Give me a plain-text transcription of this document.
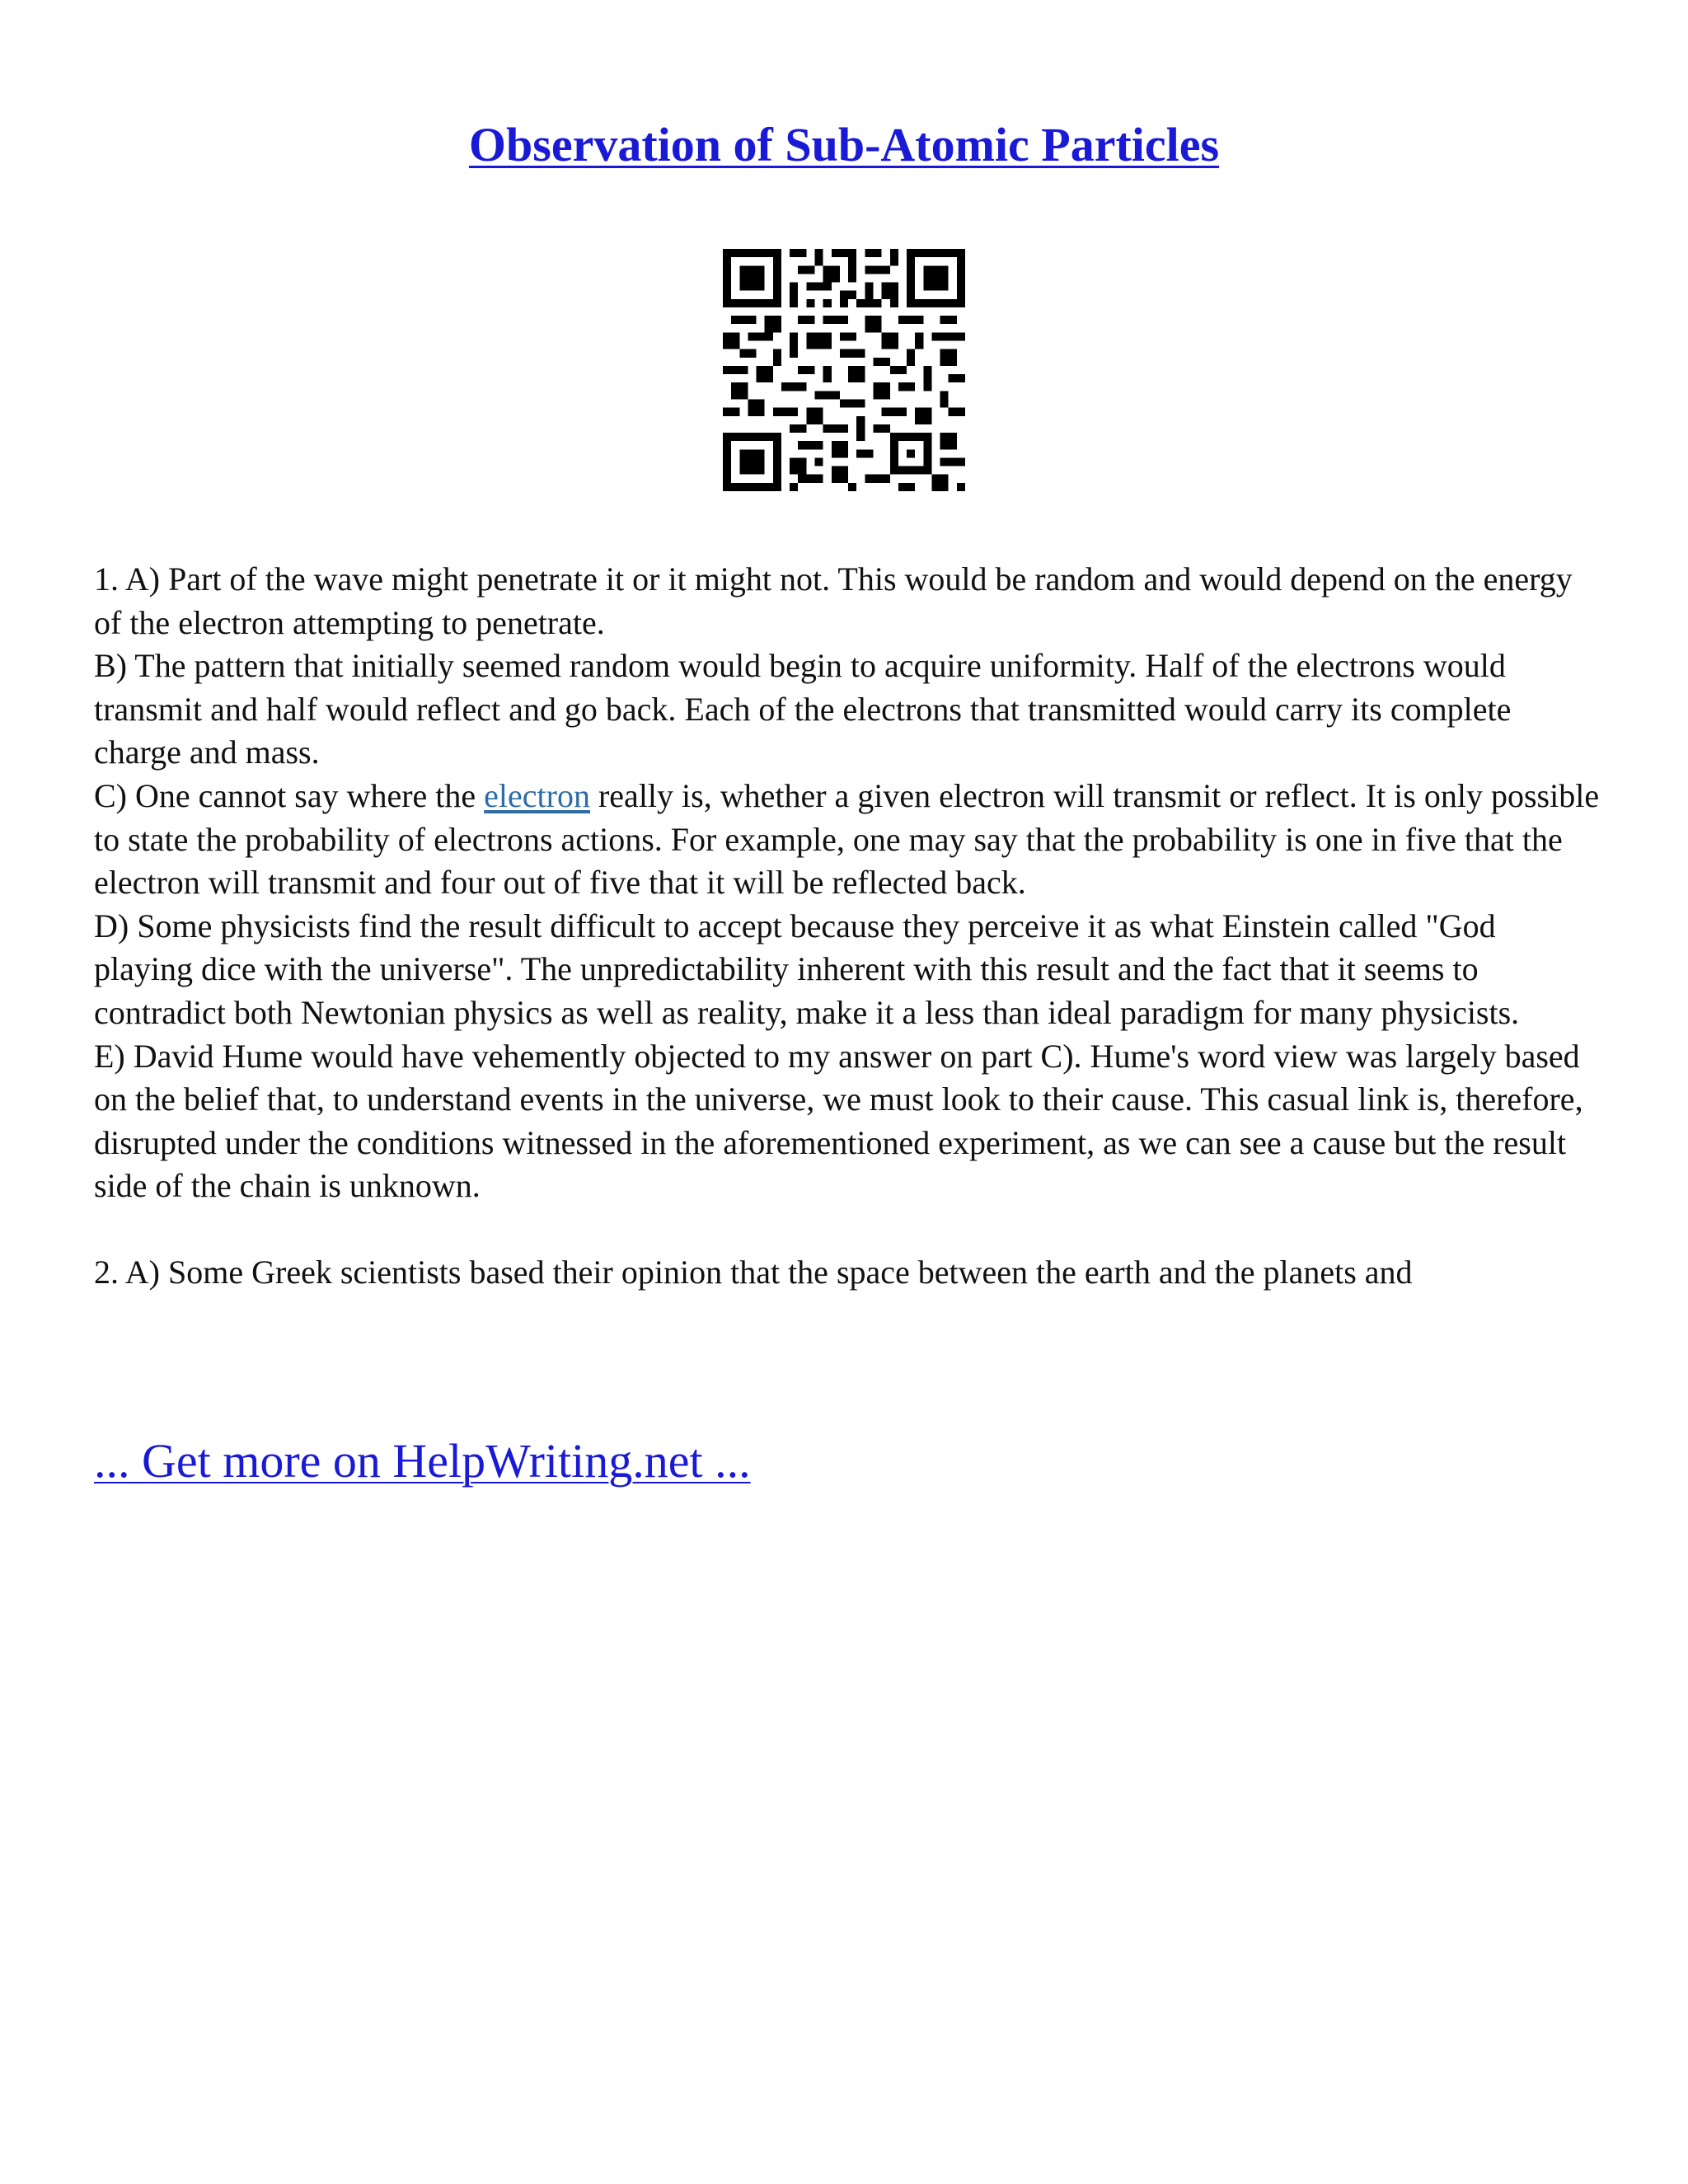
Observation of Sub-Atomic Particles

1. A) Part of the wave might penetrate it or it might not. This would be random and would depend on the energy of the electron attempting to penetrate.

B) The pattern that initially seemed random would begin to acquire uniformity. Half of the electrons would transmit and half would reflect and go back. Each of the electrons that transmitted would carry its complete charge and mass.

C) One cannot say where the electron really is, whether a given electron will transmit or reflect. It is only possible to state the probability of electrons actions. For example, one may say that the probability is one in five that the electron will transmit and four out of five that it will be reflected back.

D) Some physicists find the result difficult to accept because they perceive it as what Einstein called "God playing dice with the universe". The unpredictability inherent with this result and the fact that it seems to contradict both Newtonian physics as well as reality, make it a less than ideal paradigm for many physicists.

E) David Hume would have vehemently objected to my answer on part C). Hume's word view was largely based on the belief that, to understand events in the universe, we must look to their cause. This casual link is, therefore, disrupted under the conditions witnessed in the aforementioned experiment, as we can see a cause but the result side of the chain is unknown.

2. A) Some Greek scientists based their opinion that the space between the earth and the planets and

... Get more on HelpWriting.net ...
